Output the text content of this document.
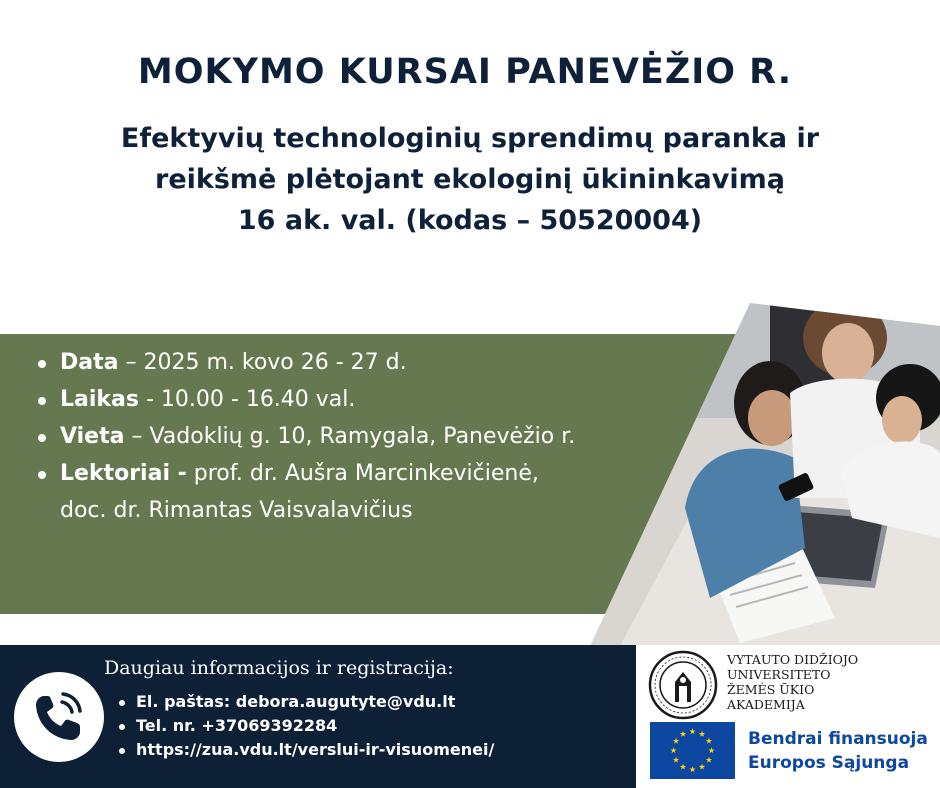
MOKYMO KURSAI PANEVĖŽIO R.
Efektyvių technologinių sprendimų paranka ir
reikšmė plėtojant ekologinį ūkininkavimą
16 ak. val. (kodas – 50520004)
Data – 2025 m. kovo 26 - 27 d.
Laikas - 10.00 - 16.40 val.
Vieta – Vadoklių g. 10, Ramygala, Panevėžio r.
Lektoriai - prof. dr. Aušra Marcinkevičienė,
doc. dr. Rimantas Vaisvalavičius
Daugiau informacijos ir registracija:
El. paštas: debora.augutyte@vdu.lt
Tel. nr. +37069392284
https://zua.vdu.lt/verslui-ir-visuomenei/
VYTAUTO DIDŽIOJO
UNIVERSITETO
ŽEMĖS ŪKIO
AKADEMIJA
Bendrai finansuoja
Europos Sąjunga
